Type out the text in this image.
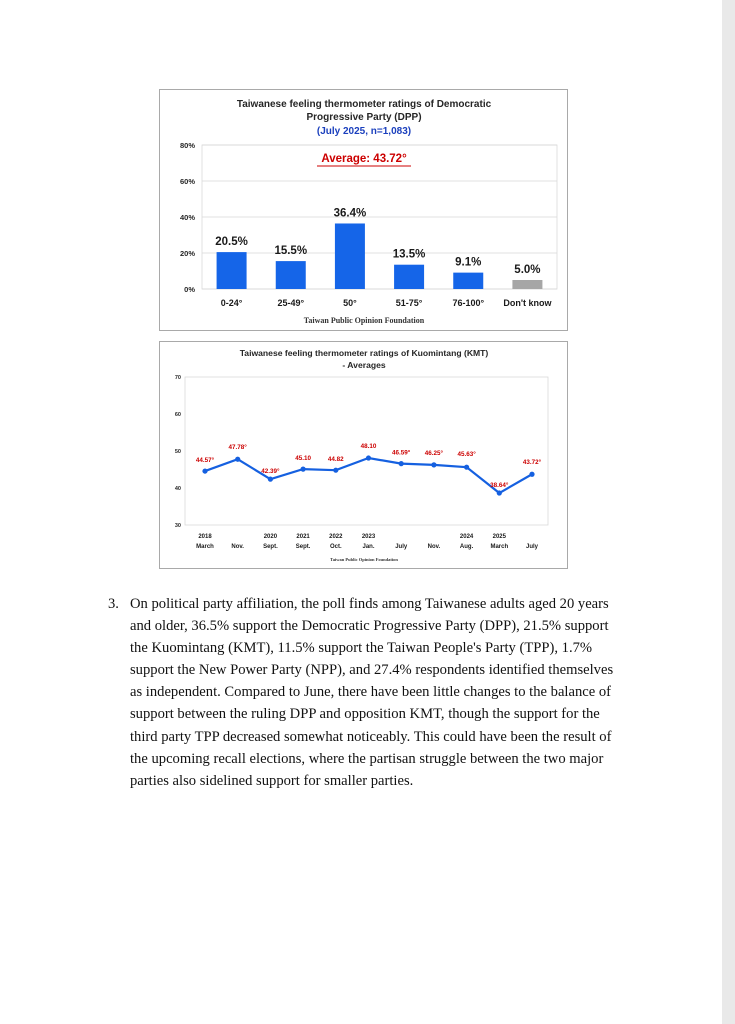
Taiwanese feeling thermometer ratings of Democratic
Progressive Party (DPP)
(July 2025, n=1,083)
Average: 43.72°
0%
20%
40%
60%
80%
20.5%
0-24°
15.5%
25-49°
36.4%
50°
13.5%
51-75°
9.1%
76-100°
5.0%
Don't know
Taiwan Public Opinion Foundation
Taiwanese feeling thermometer ratings of Kuomintang (KMT)
- Averages
30
40
50
60
70
44.57°
2018
March
47.78°
Nov.
42.39°
2020
Sept.
45.10
2021
Sept.
44.82
2022
Oct.
48.10
2023
Jan.
46.59°
July
46.25°
Nov.
45.63°
2024
Aug.
38.64°
2025
March
43.72°
July
Taiwan Public Opinion Foundation
3. On political party affiliation, the poll finds among Taiwanese adults aged 20 years
and older, 36.5% support the Democratic Progressive Party (DPP), 21.5% support
the Kuomintang (KMT), 11.5% support the Taiwan People's Party (TPP), 1.7%
support the New Power Party (NPP), and 27.4% respondents identified themselves
as independent. Compared to June, there have been little changes to the balance of
support between the ruling DPP and opposition KMT, though the support for the
third party TPP decreased somewhat noticeably. This could have been the result of
the upcoming recall elections, where the partisan struggle between the two major
parties also sidelined support for smaller parties.
